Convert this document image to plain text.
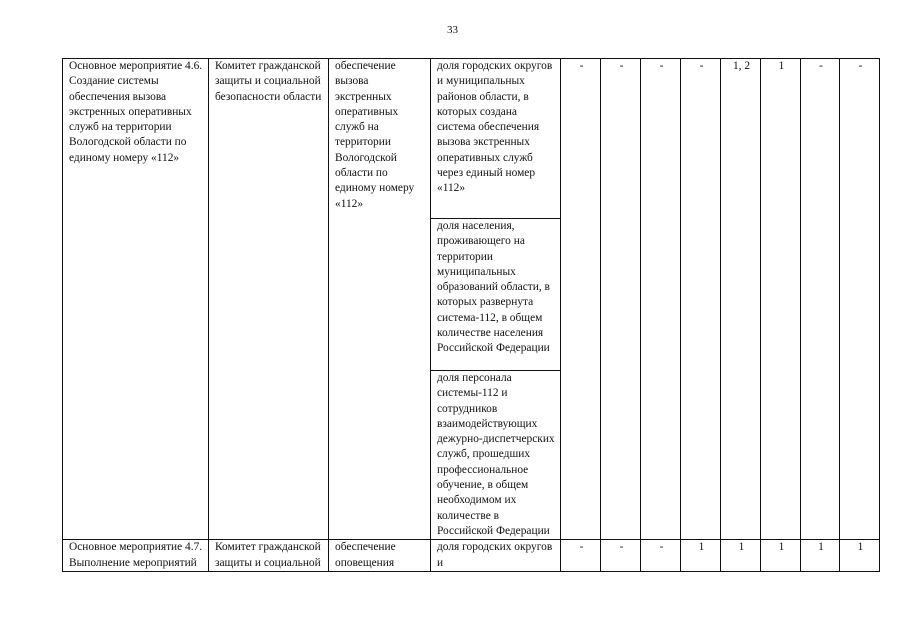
33
Основное мероприятие 4.6. Создание системы обеспечения вызова экстренных оперативных служб на территории Вологодской области по единому номеру «112»	Комитет гражданской защиты и социальной безопасности области	обеспечение вызова экстренных оперативных служб на территории Вологодской области по единому номеру «112»	доля городских округов и муниципальных районов области, в которых создана система обеспечения вызова экстренных оперативных служб через единый номер «112»	-	-	-	-	1, 2	1	-	-
			доля населения, проживающего на территории муниципальных образований области, в которых развернута система-112, в общем количестве населения Российской Федерации								
			доля персонала системы-112 и сотрудников взаимодействующих дежурно-диспетчерских служб, прошедших профессиональное обучение, в общем необходимом их количестве в Российской Федерации								
Основное мероприятие 4.7. Выполнение мероприятий	Комитет гражданской защиты и социальной	обеспечение оповещения	доля городских округов и	-	-	-	1	1	1	1	1
